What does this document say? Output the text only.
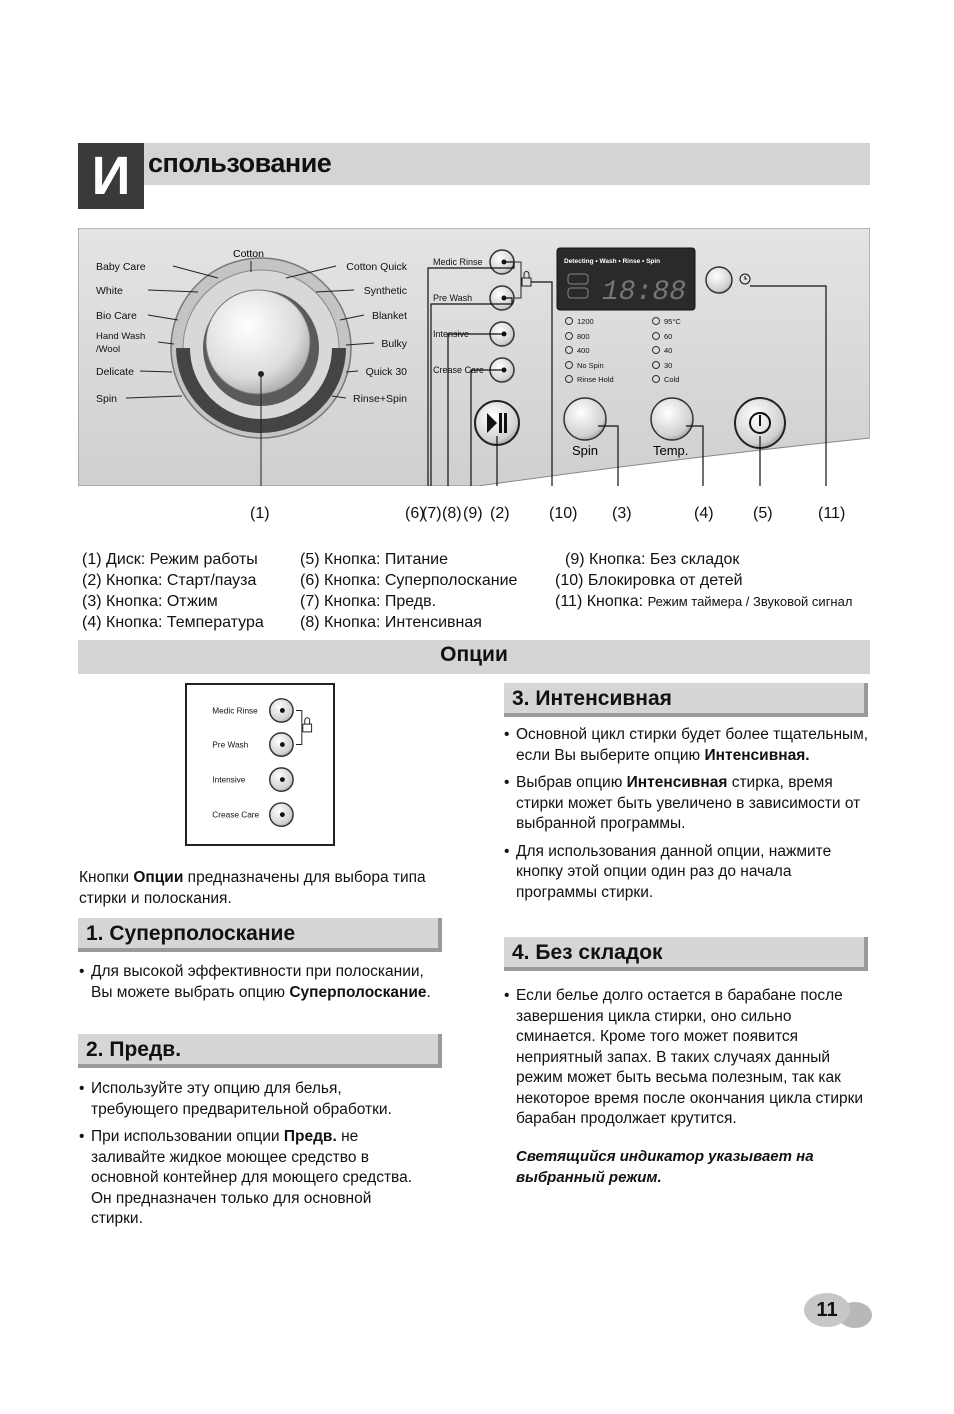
И спользование
Baby Care
White
Bio Care
Hand Wash
/Wool
Delicate
Spin
Cotton
Cotton Quick
Synthetic
Blanket
Bulky
Quick 30
Rinse+Spin
Medic Rinse
Pre Wash
Intensive
Crease Care
Detecting • Wash • Rinse • Spin
18:88
1200
800
400
No Spin
Rinse Hold
95°C
60
40
30
Cold
Spin	Temp.
(1)	(6)
(7) (8) (9) (2) (10) (3)	(4) (5)	(11)
(1) Диск: Режим работы
(2) Кнопка: Старт/пауза
(3) Кнопка: Отжим
(4) Кнопка: Температура
(5) Кнопка: Питание
(6) Кнопка: Суперполоскание
(7) Кнопка: Предв.
(8) Кнопка: Интенсивная
(9) Кнопка: Без складок
(10) Блокировка от детей
(11) Кнопка: Режим таймера / Звуковой сигнал
Опции
Medic Rinse
Pre Wash
Intensive
Crease Care
Кнопки Опции предназначены для выбора типа стирки и полоскания.
1. Суперполоскание
• Для высокой эффективности при полоскании, Вы можете выбрать опцию Суперполоскание.
2. Предв.
• Используйте эту опцию для белья, требующего предварительной обработки.
• При использовании опции Предв. не заливайте жидкое моющее средство в основной контейнер для моющего средства. Он предназначен только для основной стирки.
3. Интенсивная
• Основной цикл стирки будет более тщательным, если Вы выберите опцию Интенсивная.
• Выбрав опцию Интенсивная стирка, время стирки может быть увеличено в зависимости от выбранной программы.
• Для использования данной опции, нажмите кнопку этой опции один раз до начала программы стирки.
4. Без складок
• Если белье долго остается в барабане после завершения цикла стирки, оно сильно сминается. Кроме того может появится неприятный запах. В таких случаях данный режим может быть весьма полезным, так как некоторое время после окончания цикла стирки барабан продолжает крутится.
Светящийся индикатор указывает на выбранный режим.
11
